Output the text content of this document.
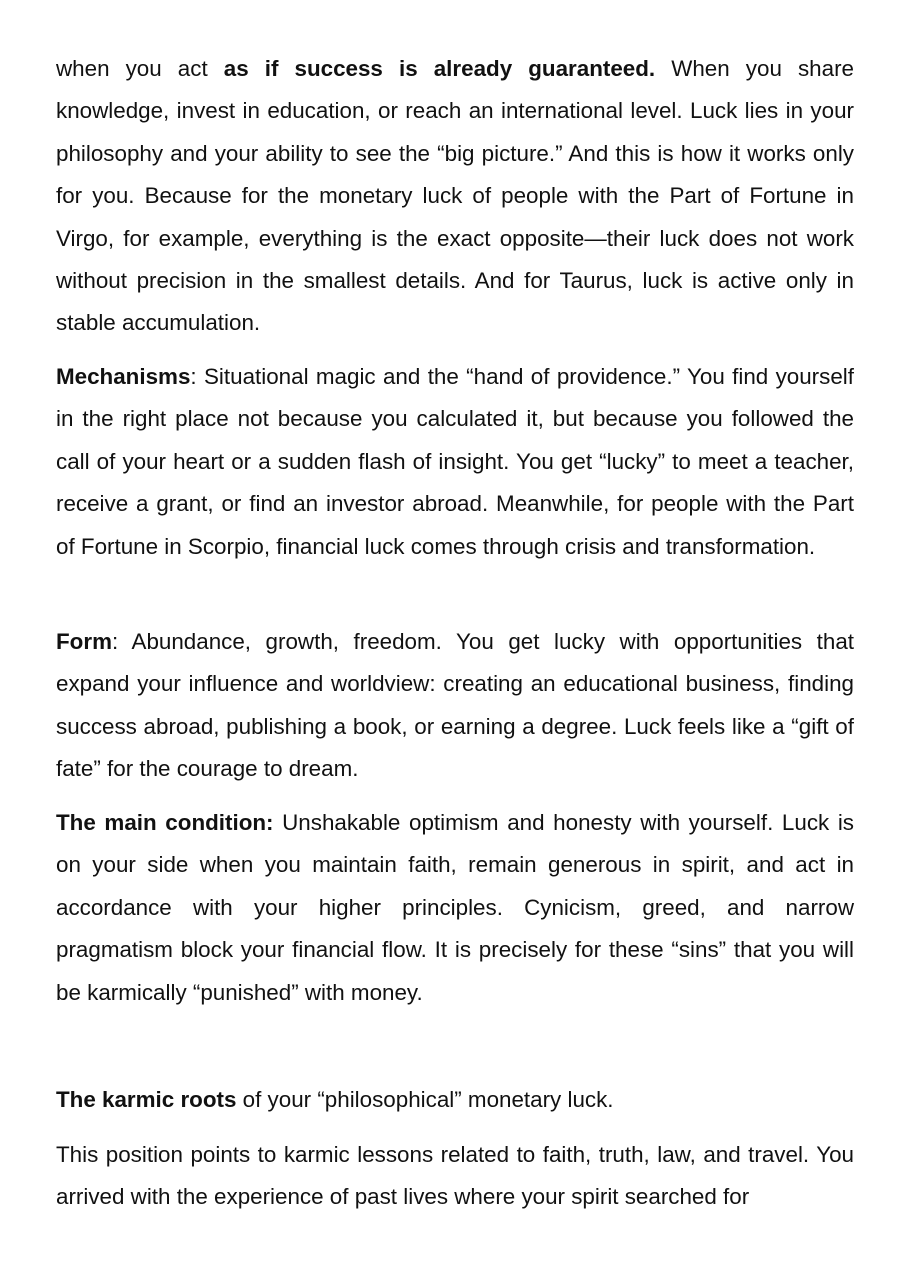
when you act as if success is already guaranteed. When you share knowledge, invest in education, or reach an international level. Luck lies in your philosophy and your ability to see the “big picture.” And this is how it works only for you. Because for the monetary luck of people with the Part of Fortune in Virgo, for example, everything is the exact opposite—their luck does not work without precision in the smallest details. And for Taurus, luck is active only in stable accumulation.

Mechanisms: Situational magic and the “hand of providence.” You find yourself in the right place not because you calculated it, but because you followed the call of your heart or a sudden flash of insight. You get “lucky” to meet a teacher, receive a grant, or find an investor abroad. Meanwhile, for people with the Part of Fortune in Scorpio, financial luck comes through crisis and transformation.

Form: Abundance, growth, freedom. You get lucky with opportunities that expand your influence and worldview: creating an educational business, finding success abroad, publishing a book, or earning a degree. Luck feels like a “gift of fate” for the courage to dream.

The main condition: Unshakable optimism and honesty with yourself. Luck is on your side when you maintain faith, remain generous in spirit, and act in accordance with your higher principles. Cynicism, greed, and narrow pragmatism block your financial flow. It is precisely for these “sins” that you will be karmically “punished” with money.

The karmic roots of your “philosophical” monetary luck.

This position points to karmic lessons related to faith, truth, law, and travel. You arrived with the experience of past lives where your spirit searched for
